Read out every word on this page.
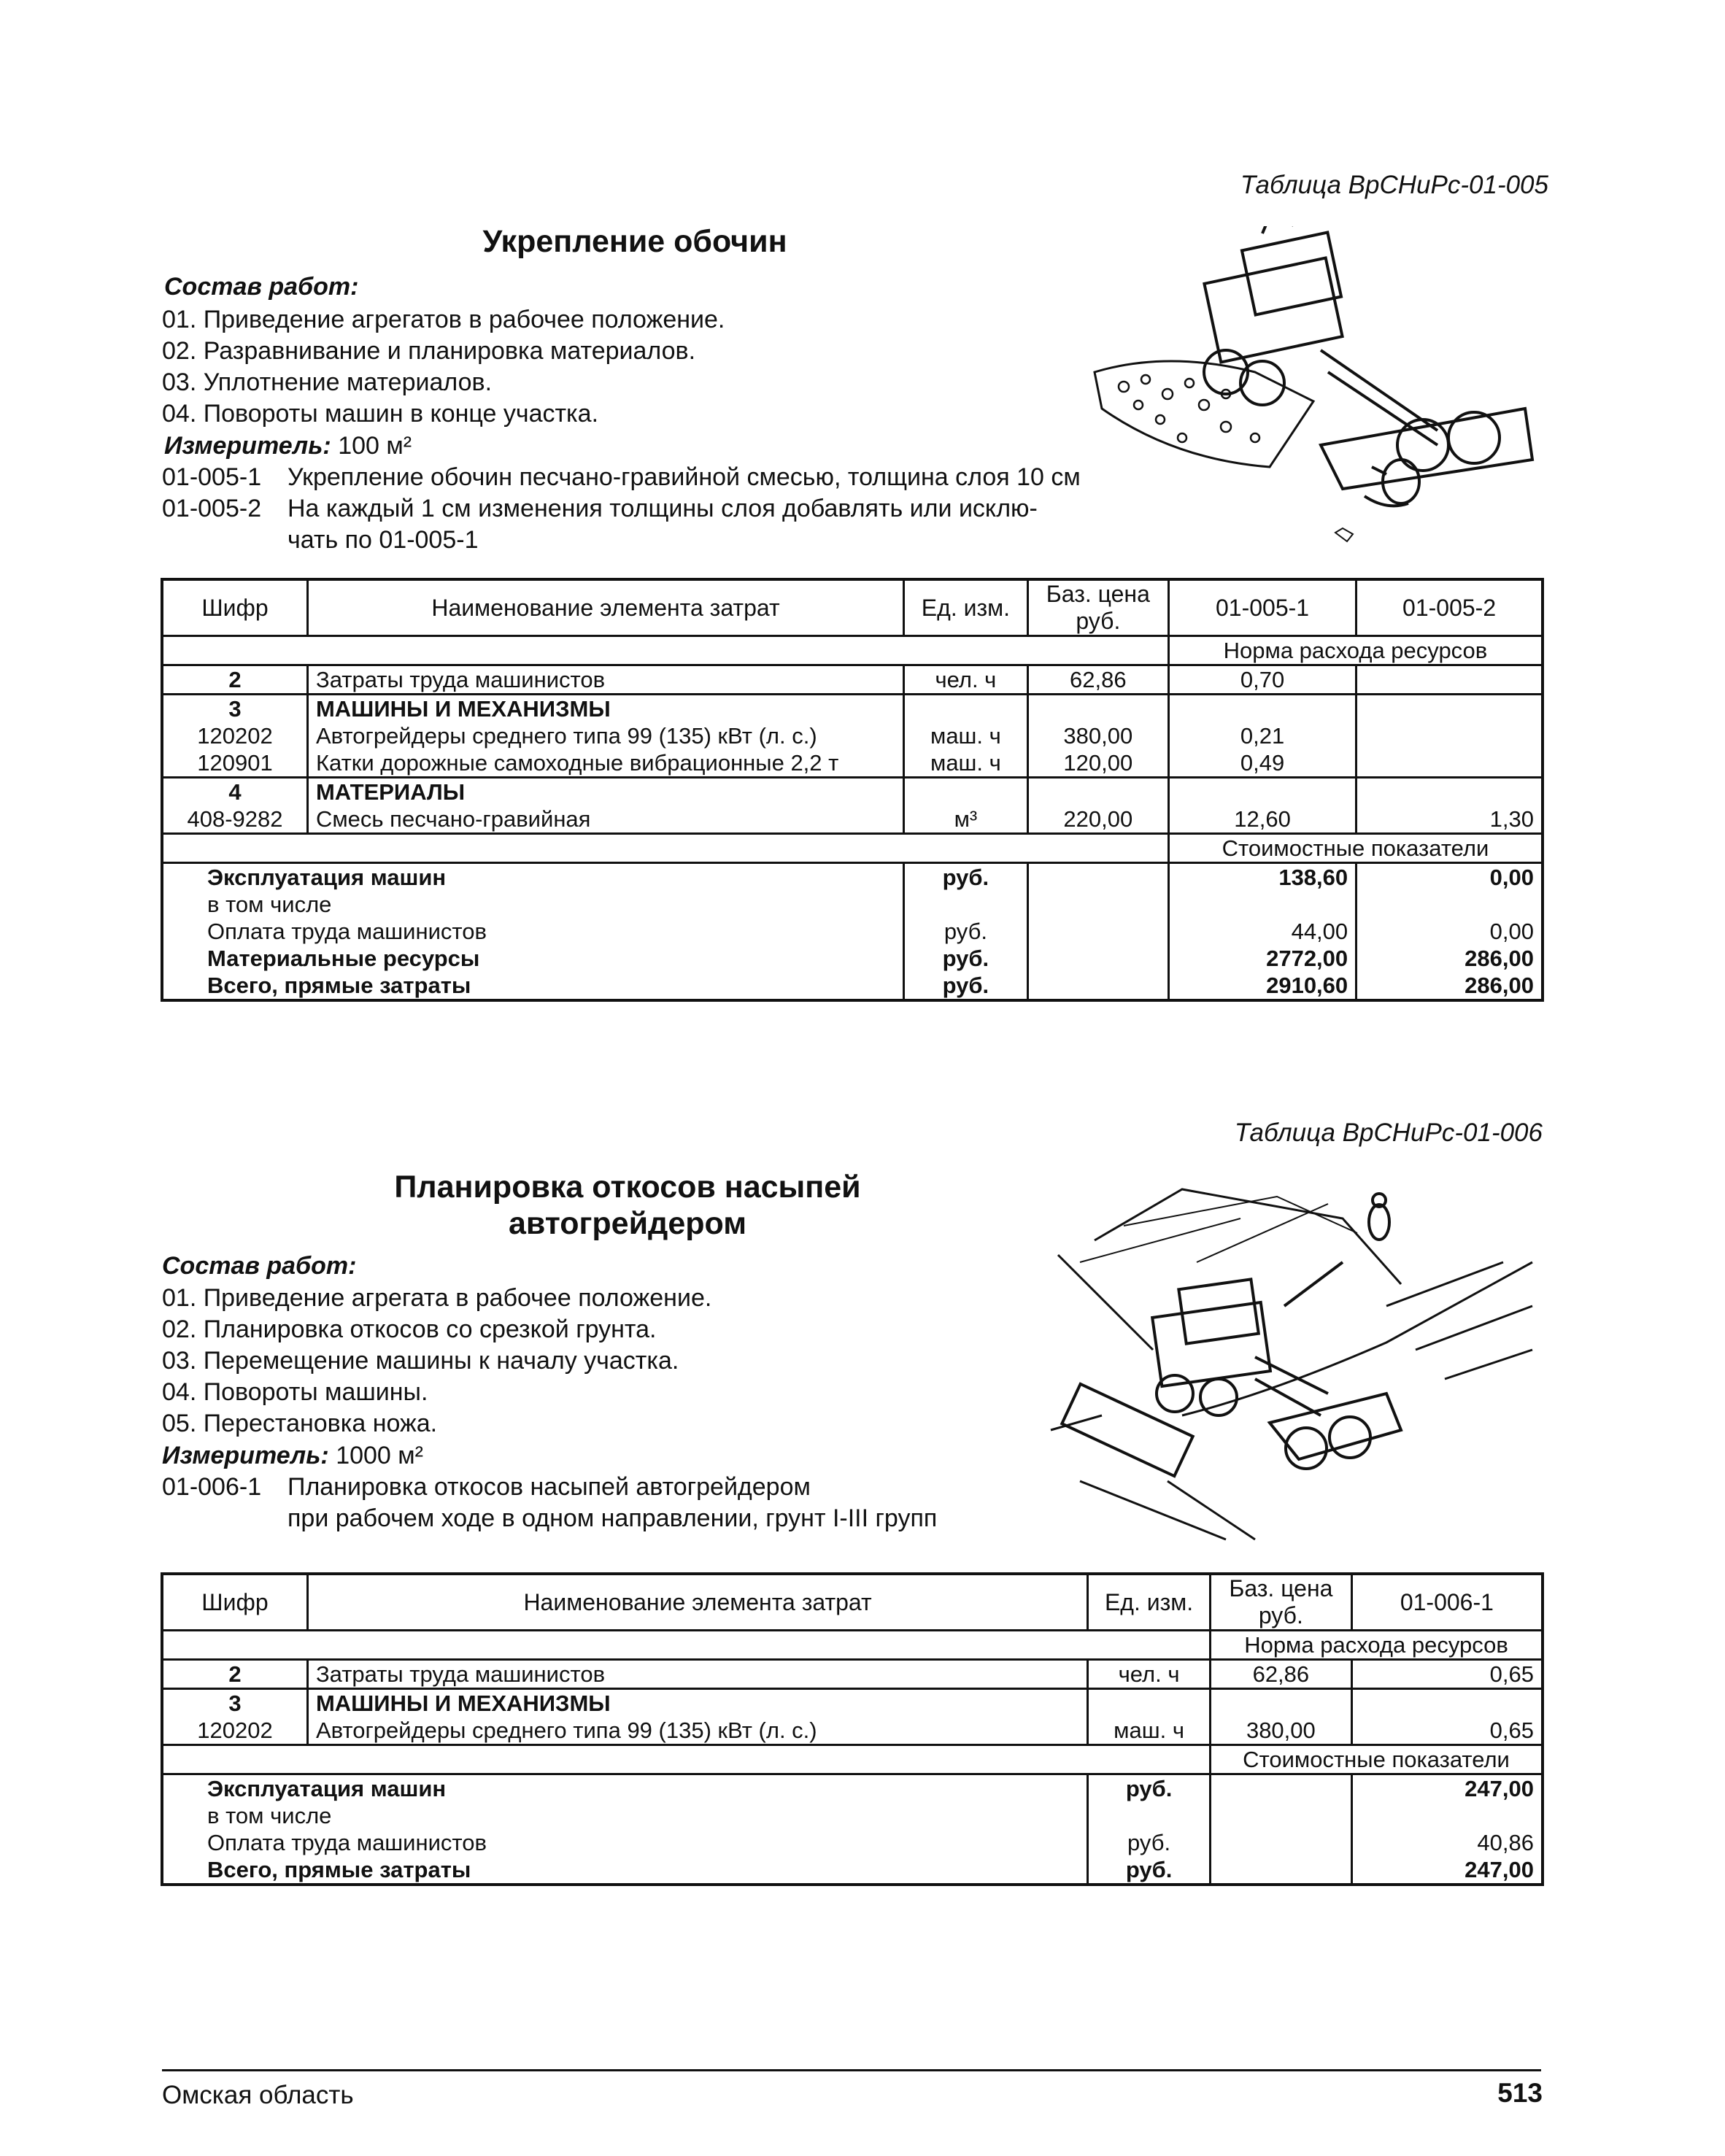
Таблица ВрСНиРс-01-005
Укрепление обочин
Состав работ:
01. Приведение агрегатов в рабочее положение.
02. Разравнивание и планировка материалов.
03. Уплотнение материалов.
04. Повороты машин в конце участка.
Измеритель: 100 м²
01-005-1 Укрепление обочин песчано-гравийной смесью, толщина слоя 10 см
01-005-2 На каждый 1 см изменения толщины слоя добавлять или исклю-
чать по 01-005-1
Шифр	Наименование элемента затрат	Ед. изм.	Баз. цена руб.	01-005-1	01-005-2
				Норма расхода ресурсов	
2	Затраты труда машинистов	чел. ч	62,86	0,70	
3	МАШИНЫ И МЕХАНИЗМЫ				
120202	Автогрейдеры среднего типа 99 (135) кВт (л. с.)	маш. ч	380,00	0,21	
120901	Катки дорожные самоходные вибрационные 2,2 т	маш. ч	120,00	0,49	
4	МАТЕРИАЛЫ				
408-9282	Смесь песчано-гравийная	м³	220,00	12,60	1,30
				Стоимостные показатели	
Эксплуатация машин		руб.		138,60	0,00
в том числе					
Оплата труда машинистов		руб.		44,00	0,00
Материальные ресурсы		руб.		2772,00	286,00
Всего, прямые затраты		руб.		2910,60	286,00
Таблица ВрСНиРс-01-006
Планировка откосов насыпей
автогрейдером
Состав работ:
01. Приведение агрегата в рабочее положение.
02. Планировка откосов со срезкой грунта.
03. Перемещение машины к началу участка.
04. Повороты машины.
05. Перестановка ножа.
Измеритель: 1000 м²
01-006-1 Планировка откосов насыпей автогрейдером
при рабочем ходе в одном направлении, грунт I-III групп
Шифр	Наименование элемента затрат	Ед. изм.	Баз. цена руб.	01-006-1
			Норма расхода ресурсов	
2	Затраты труда машинистов	чел. ч	62,86	0,65
3	МАШИНЫ И МЕХАНИЗМЫ			
120202	Автогрейдеры среднего типа 99 (135) кВт (л. с.)	маш. ч	380,00	0,65
			Стоимостные показатели	
Эксплуатация машин		руб.		247,00
в том числе				
Оплата труда машинистов		руб.		40,86
Всего, прямые затраты		руб.		247,00
Омская область	513
